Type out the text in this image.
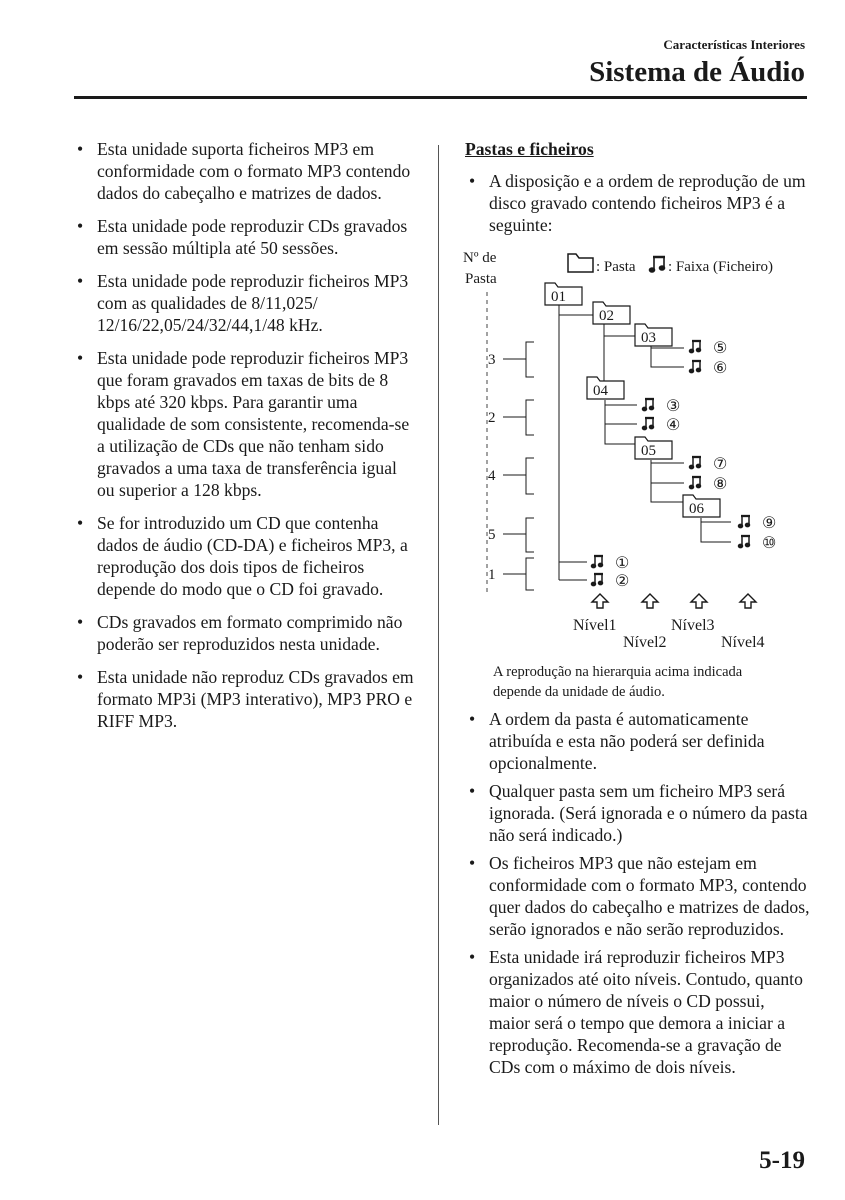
Características Interiores
Sistema de Áudio
• Esta unidade suporta ficheiros MP3 em conformidade com o formato MP3 contendo dados do cabeçalho e matrizes de dados.
• Esta unidade pode reproduzir CDs gravados em sessão múltipla até 50 sessões.
• Esta unidade pode reproduzir ficheiros MP3 com as qualidades de 8/11,025/ 12/16/22,05/24/32/44,1/48 kHz.
• Esta unidade pode reproduzir ficheiros MP3 que foram gravados em taxas de bits de 8 kbps até 320 kbps. Para garantir uma qualidade de som consistente, recomenda-se a utilização de CDs que não tenham sido gravados a uma taxa de transferência igual ou superior a 128 kbps.
• Se for introduzido um CD que contenha dados de áudio (CD-DA) e ficheiros MP3, a reprodução dos dois tipos de ficheiros depende do modo que o CD foi gravado.
• CDs gravados em formato comprimido não poderão ser reproduzidos nesta unidade.
• Esta unidade não reproduz CDs gravados em formato MP3i (MP3 interativo), MP3 PRO e RIFF MP3.
Pastas e ficheiros
• A disposição e a ordem de reprodução de um disco gravado contendo ficheiros MP3 é a seguinte:
Nº de
Pasta
: Pasta : Faixa (Ficheiro)
3
2
4
5
1
01
02
03
04
05
06
⑤
⑥
③
④
⑦
⑧
⑨
⑩
①
②
Nível1
Nível2
Nível3
Nível4
A reprodução na hierarquia acima indicada depende da unidade de áudio.
• A ordem da pasta é automaticamente atribuída e esta não poderá ser definida opcionalmente.
• Qualquer pasta sem um ficheiro MP3 será ignorada. (Será ignorada e o número da pasta não será indicado.)
• Os ficheiros MP3 que não estejam em conformidade com o formato MP3, contendo quer dados do cabeçalho e matrizes de dados, serão ignorados e não serão reproduzidos.
• Esta unidade irá reproduzir ficheiros MP3 organizados até oito níveis. Contudo, quanto maior o número de níveis o CD possui, maior será o tempo que demora a iniciar a reprodução. Recomenda-se a gravação de CDs com o máximo de dois níveis.
5-19
